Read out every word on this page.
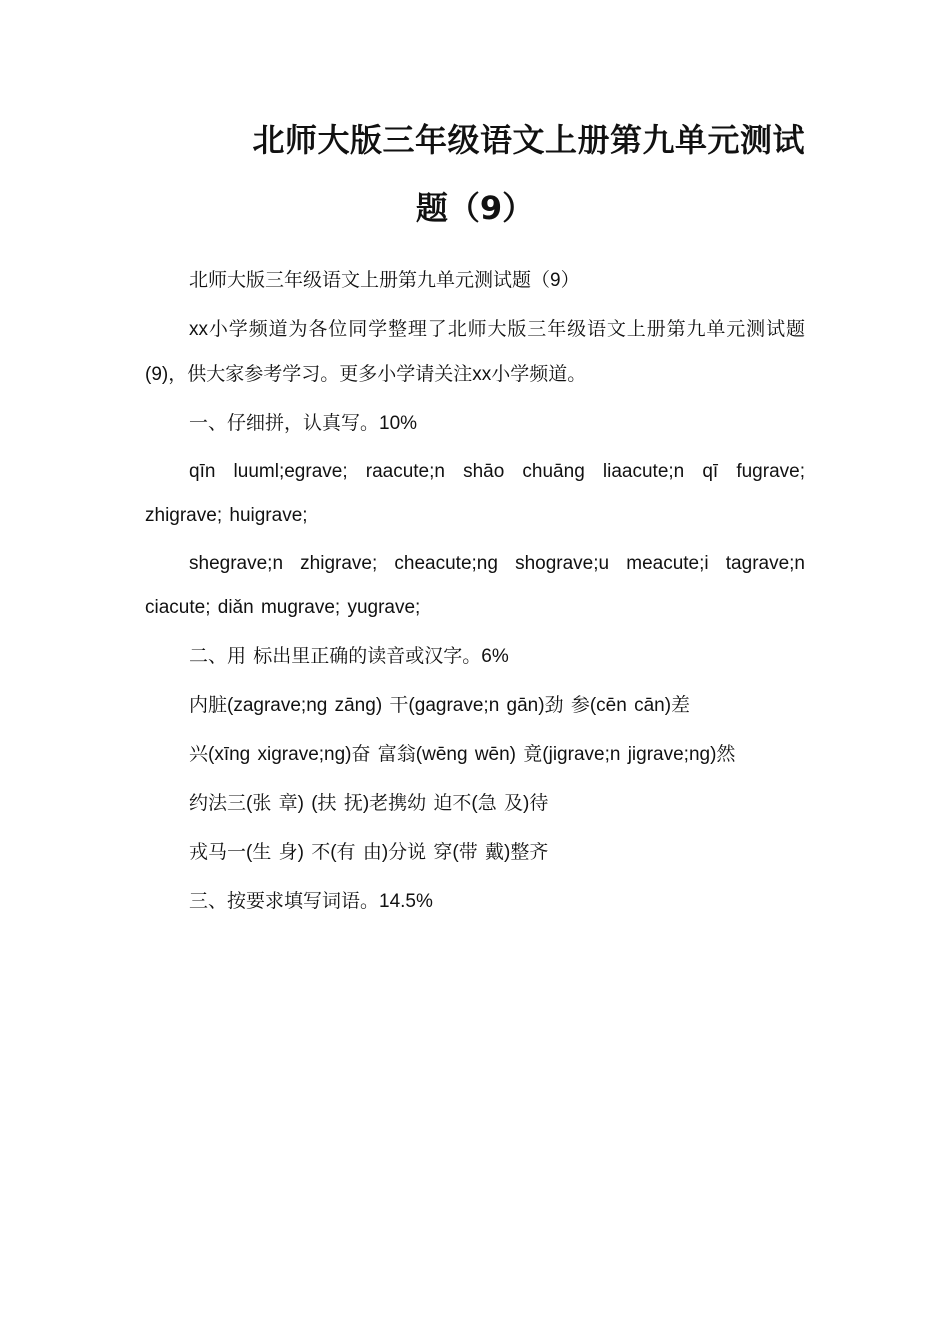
北师大版三年级语文上册第九单元测试
题（9）

北师大版三年级语文上册第九单元测试题（9）

xx小学频道为各位同学整理了北师大版三年级语文上册第九单元测试题(9)，供大家参考学习。更多小学请关注xx小学频道。

一、仔细拼，认真写。10%

qīn luuml;egrave; raacute;n shāo chuāng liaacute;n qī fugrave; zhigrave; huigrave;

shegrave;n zhigrave; cheacute;ng shograve;u meacute;i tagrave;n ciacute; diǎn mugrave; yugrave;

二、用 标出里正确的读音或汉字。6%

内脏(zagrave;ng zāng) 干(gagrave;n gān)劲 参(cēn cān)差

兴(xīng xigrave;ng)奋 富翁(wēng wēn) 竟(jigrave;n jigrave;ng)然

约法三(张 章) (扶 抚)老携幼 迫不(急 及)待

戎马一(生 身) 不(有 由)分说 穿(带 戴)整齐

三、按要求填写词语。14.5%
